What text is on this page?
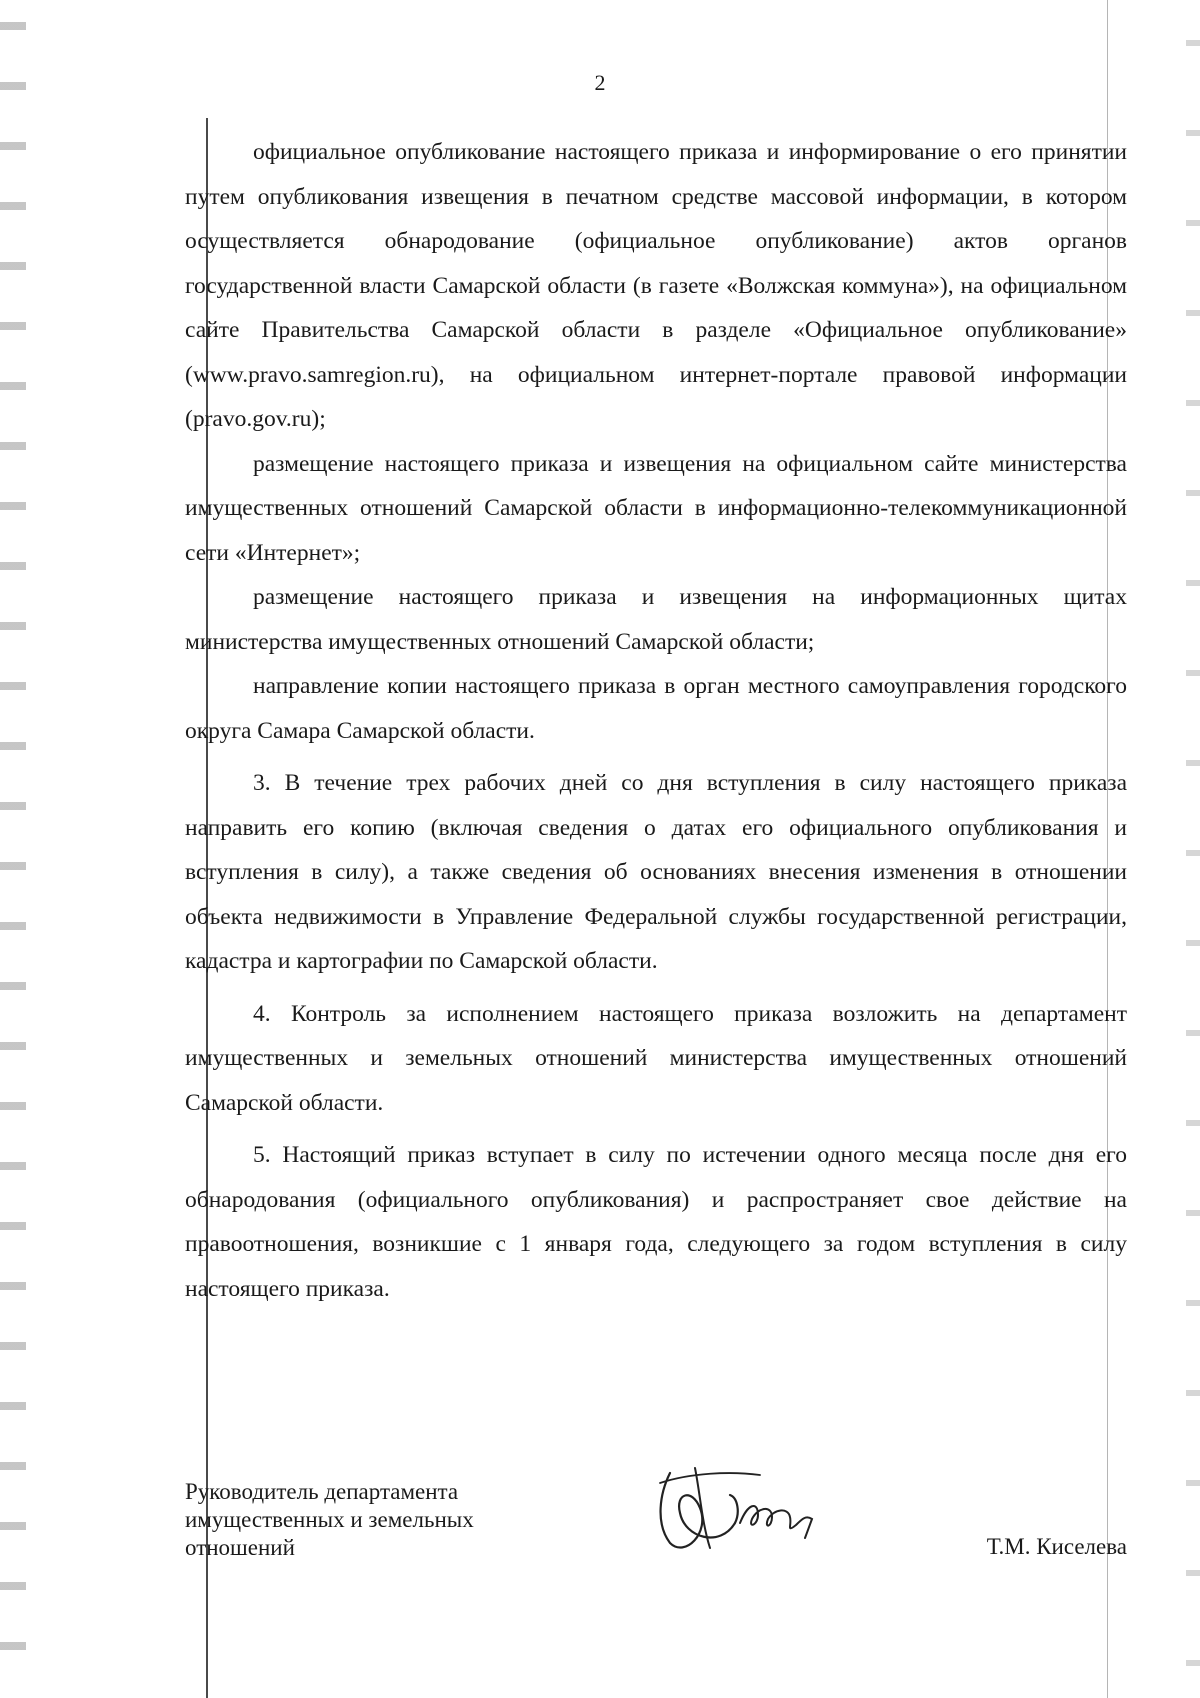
2

официальное опубликование настоящего приказа и информирование о его принятии путем опубликования извещения в печатном средстве массовой информации, в котором осуществляется обнародование (официальное опубликование) актов органов государственной власти Самарской области (в газете «Волжская коммуна»), на официальном сайте Правительства Самарской области в разделе «Официальное опубликование» (www.pravo.samregion.ru), на официальном интернет-портале правовой информации (pravo.gov.ru);

размещение настоящего приказа и извещения на официальном сайте министерства имущественных отношений Самарской области в информационно-телекоммуникационной сети «Интернет»;

размещение настоящего приказа и извещения на информационных щитах министерства имущественных отношений Самарской области;

направление копии настоящего приказа в орган местного самоуправления городского округа Самара Самарской области.

3. В течение трех рабочих дней со дня вступления в силу настоящего приказа направить его копию (включая сведения о датах его официального опубликования и вступления в силу), а также сведения об основаниях внесения изменения в отношении объекта недвижимости в Управление Федеральной службы государственной регистрации, кадастра и картографии по Самарской области.

4. Контроль за исполнением настоящего приказа возложить на департамент имущественных и земельных отношений министерства имущественных отношений Самарской области.

5. Настоящий приказ вступает в силу по истечении одного месяца после дня его обнародования (официального опубликования) и распространяет свое действие на правоотношения, возникшие с 1 января года, следующего за годом вступления в силу настоящего приказа.

Руководитель департамента
имущественных и земельных
отношений	Т.М. Киселева
